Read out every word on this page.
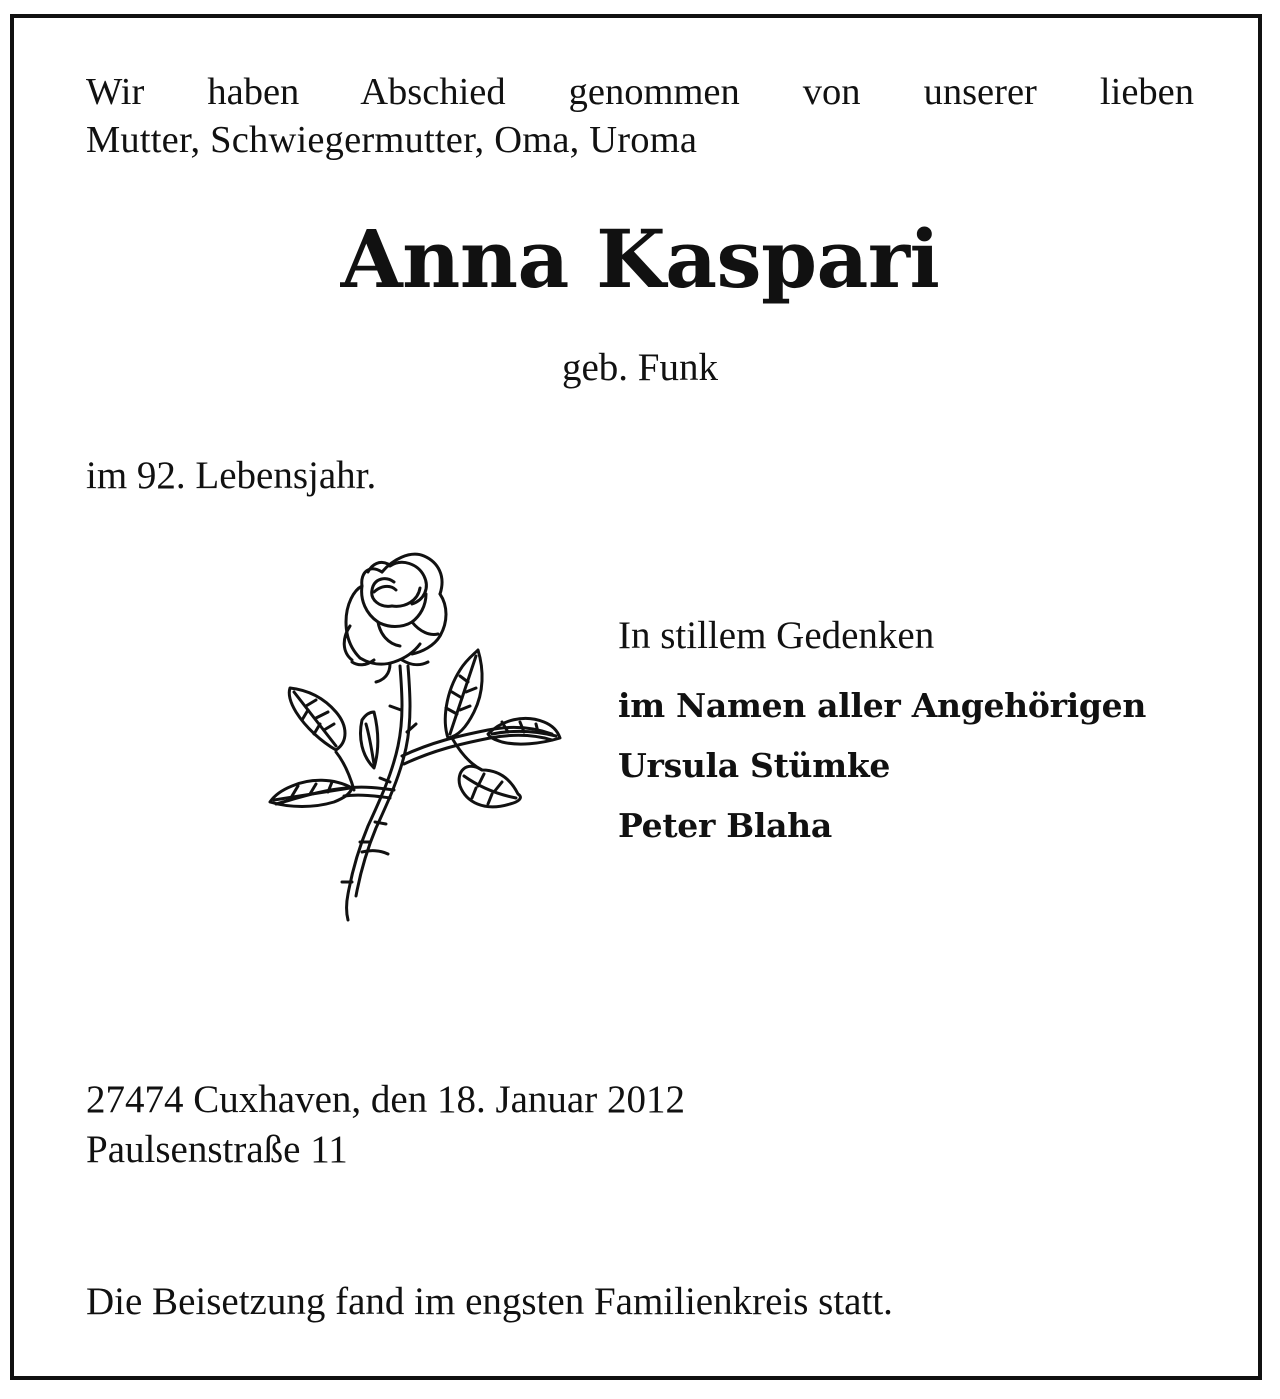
Wir haben Abschied genommen von unserer lieben
Mutter, Schwiegermutter, Oma, Uroma

Anna Kaspari

geb. Funk

im 92. Lebensjahr.

In stillem Gedenken

im Namen aller Angehörigen

Ursula Stümke

Peter Blaha

27474 Cuxhaven, den 18. Januar 2012

Paulsenstraße 11

Die Beisetzung fand im engsten Familienkreis statt.
